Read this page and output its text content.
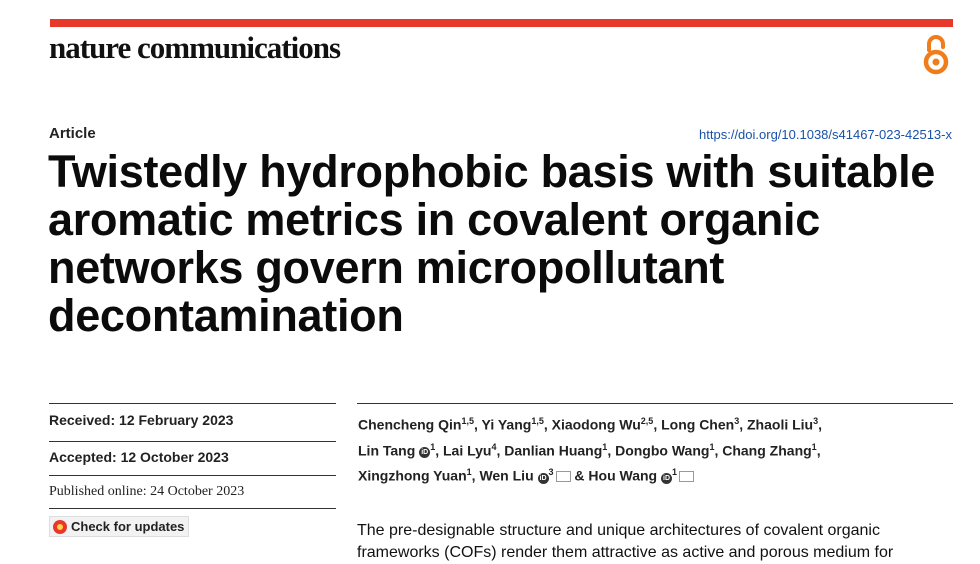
nature communications
Article	https://doi.org/10.1038/s41467-023-42513-x
Twistedly hydrophobic basis with suitable aromatic metrics in covalent organic networks govern micropollutant decontamination
Received: 12 February 2023
Accepted: 12 October 2023
Published online: 24 October 2023
Check for updates
Chencheng Qin$^{1,5}$, Yi Yang$^{1,5}$, Xiaodong Wu$^{2,5}$, Long Chen$^3$, Zhaoli Liu$^3$,
Lin Tang $iD^1$, Lai Lyu$^4$, Danlian Huang$^1$, Dongbo Wang$^1$, Chang Zhang$^1$,
Xingzhong Yuan$^1$, Wen Liu $iD^3$ & Hou Wang $iD^1$
The pre-designable structure and unique architectures of covalent organic
frameworks (COFs) render them attractive as active and porous medium for
